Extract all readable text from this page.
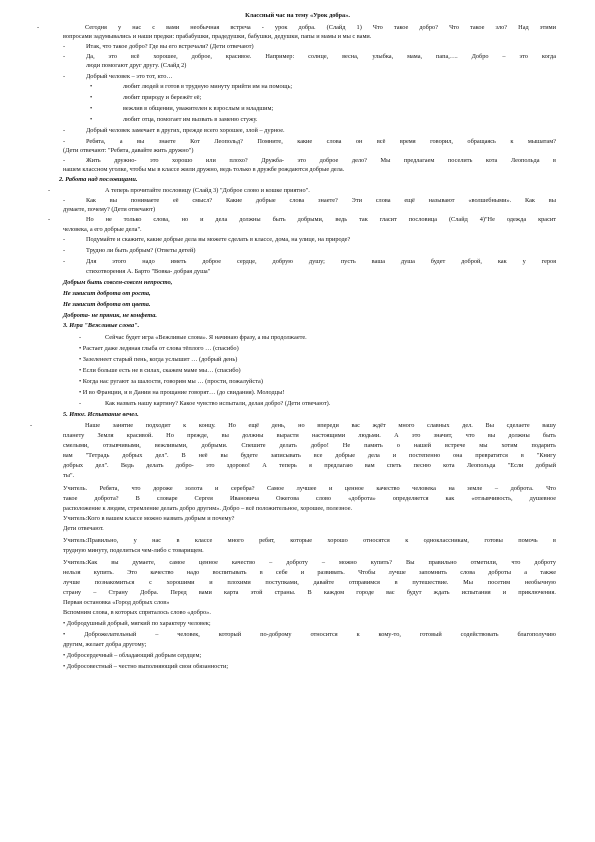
Классный час на тему «Урок добра».
-	Сегодня у нас с вами необычная встреча - урок добра. (Слайд 1) Что такое добро? Что такое зло? Над этими
вопросами задумывались и наши предки: прабабушки, прадедушки, бабушки, дедушки, папы и мамы и мы с вами.
-	Итак, что такое добро? Где вы его встречали? (Дети отвечают)
-	Да, это всё хорошее, доброе, красивое. Например: солнце, весна, улыбка, мама, папа,…. Добро – это когда
люди помогают друг другу. (Слайд 2)
-	Добрый человек – это тот, кто…
•	любит людей и готов в трудную минуту прийти им на помощь;
•	любит природу и бережёт её;
•	вежлив в общении, уважителен к взрослым и младшим;
•	любит отца, помогает им вызвать в заменю стужу.
-	Добрый человек замечает в других, прежде всего хорошее, злой – дурное.
-	Ребята, а вы знаете Кот Леопольд? Помните, какие слова он всё время говорил, обращаясь к мышатам?
(Дети отвечают: "Ребята, давайте жить дружно")
-	Жить дружно- это хорошо или плохо? Дружба- это доброе дело? Мы предлагаем поселить кота Леопольда в
нашем классном уголке, чтобы мы в классе жили дружно, ведь только в дружбе рождаются добрые дела.
2. Работа над пословицами.
-	А теперь прочитайте пословицу (Слайд 3) "Доброе слово и кошке приятно".
-	Как вы понимаете её смысл? Какие добрые слова знаете? Эти слова ещё называют «волшебными». Как вы
думаете, почему? (Дети отвечают)
-	Но не только слова, но и дела должны быть добрыми, ведь так гласит пословица (Слайд 4)"Не одежда красит
человека, а его добрые дела".
-	Подумайте и скажите, какие добрые дела вы можете сделать в классе, дома, на улице, на природе?
-	Трудно ли быть добрым? (Ответы детей)
-	Для этого надо иметь доброе сердце, добрую душу; пусть ваша душа будет доброй, как у героя
стихотворения А. Барто "Вовка- добрая душа"
Добрым быть совсем-совсем непросто,
Не зависит доброта от роста,
Не зависит доброта от цвета.
Доброта- не пряник, не конфета.
3. Игра "Вежливые слова".
-	Сейчас будет игра «Вежливые слова». Я начинаю фразу, а вы продолжаете.
• Растает даже ледяная глыба от слова тёплого … (спасибо)
• Зазеленеет старый пень, когда услышит … (добрый день)
• Если больше есть не в силах, скажем маме мы… (спасибо)
• Когда нас ругают за шалости, говорим мы … (прости, пожалуйста)
• И во Франции, и в Дании на прощание говорят… (до свидания). Молодцы!
-	Как назвать нашу картину? Какое чувство испытали, делая добро? (Дети отвечают).
5. Итог. Испытание вечел.
-	Наше занятие подходит к концу. Но ещё день, но впереди вас ждёт много славных дел. Вы сделаете вашу
планету Земля красивой. Но прежде, вы должны вырасти настоящими людьми. А это значит, что вы должны быть
смелыми, отзывчивыми, вежливыми, добрыми. Спешите делать добро! Не память о нашей встрече мы хотим подарить
вам "Тетрадь добрых дел". В неё вы будете записывать все добрые дела и постепенно она превратится в "Книгу
добрых дел". Ведь делать добро- это здорово! А теперь я предлагаю вам спеть песню кота Леопольда "Если добрый
ты".
Учитель. Ребята, что дороже золота и серебра? Самое лучшее и ценное качество человека на земле – доброта. Что
такое доброта? В словаре Сергея Ивановича Ожегова слово «доброта» определяется как «отзывчивость, душевное
расположение к людям, стремление делать добро другим». Добро – всё положительное, хорошее, полезное.
Учитель:Кого в вашем классе можно назвать добрым и почему?
Дети отвечают.
Учитель:Правильно, у нас в классе много ребят, которые хорошо относятся к одноклассникам, готовы помочь в
трудную минуту, поделиться чем-либо с товарищем.
Учитель:Как вы думаете, самое ценное качество – доброту – можно купить? Вы правильно отметили, что доброту
нельзя купить. Это качество надо воспитывать в себе и развивать. Чтобы лучше запомнить слова доброты а также
лучше познакомиться с хорошими и плохими поступками, давайте отправимся в путешествие. Мы посетим необычную
страну – Страну Добра. Перед вами карта этой страны. В каждом городе вас будут ждать испытания и приключения.
Первая остановка «Город добрых слов»
Вспомним слова, в которых спряталось слово «добро».
• Добродушный добрый, мягкий по характеру человек;
• Доброжелательный – человек, который по-доброму относится к кому-то, готовый содействовать благополучию
другим, желает добра другому;
• Добросердечный – обладающий добрым сердцем;
• Добросовестный – честно выполняющий свои обязанности;
